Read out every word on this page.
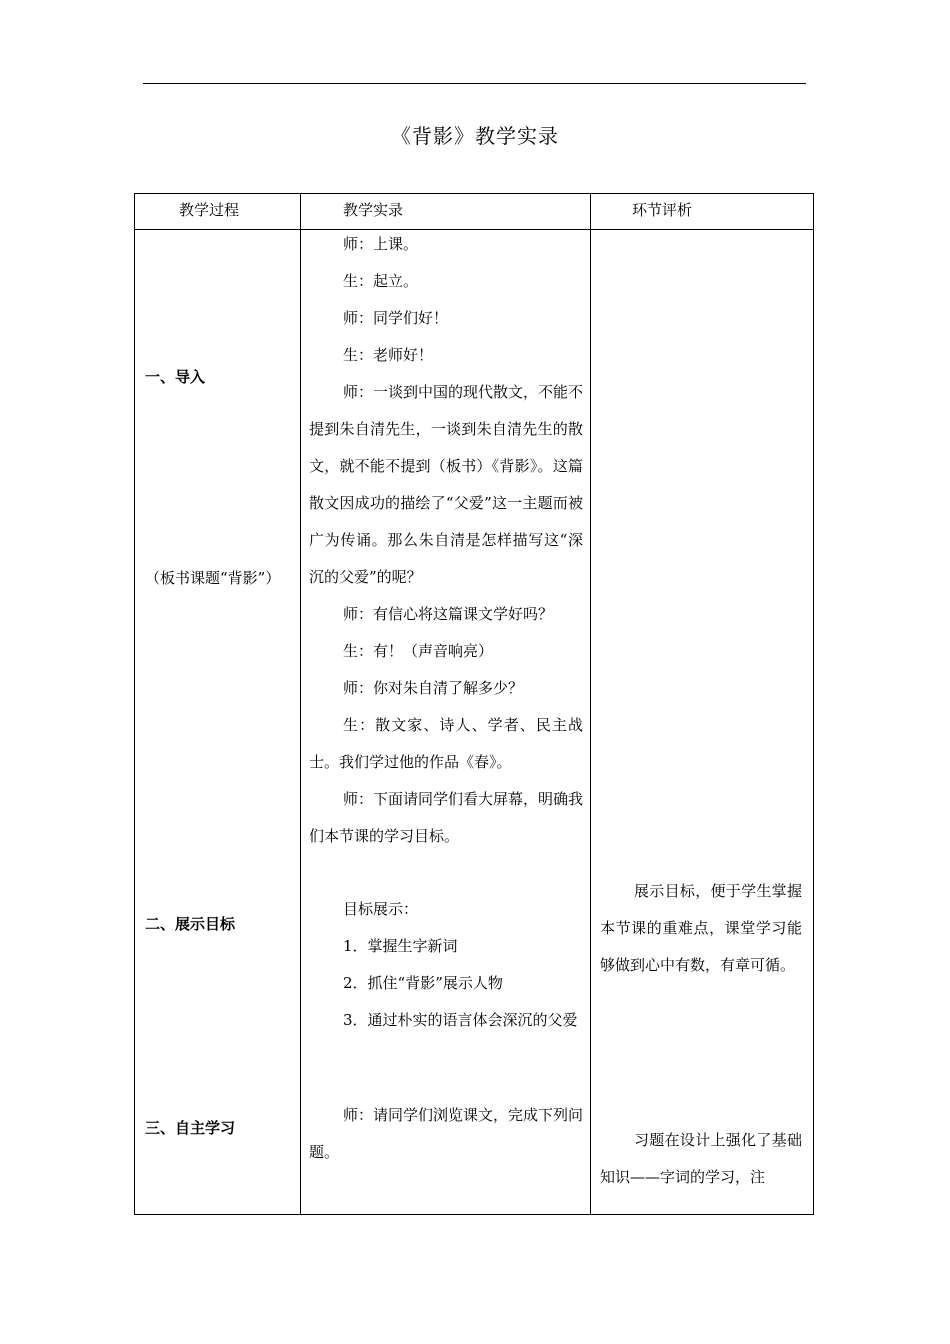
《背影》教学实录
教学过程	教学实录	环节评析
一、导入
（板书课题“背影”）
二、展示目标
三、自主学习

师：上课。

生：起立。

师：同学们好！

生：老师好！

师：一谈到中国的现代散文，不能不提到朱自清先生，一谈到朱自清先生的散文，就不能不提到（板书）《背影》。这篇散文因成功的描绘了“父爱”这一主题而被广为传诵。那么朱自清是怎样描写这“深沉的父爱”的呢？

师：有信心将这篇课文学好吗？

生：有！（声音响亮）

师：你对朱自清了解多少？

生：散文家、诗人、学者、民主战士。我们学过他的作品《春》。

师：下面请同学们看大屏幕，明确我们本节课的学习目标。

目标展示：

1．掌握生字新词

2．抓住“背影”展示人物

3．通过朴实的语言体会深沉的父爱

师：请同学们浏览课文，完成下列问题。

展示目标，便于学生掌握本节课的重难点，课堂学习能够做到心中有数，有章可循。

习题在设计上强化了基础知识——字词的学习，注
